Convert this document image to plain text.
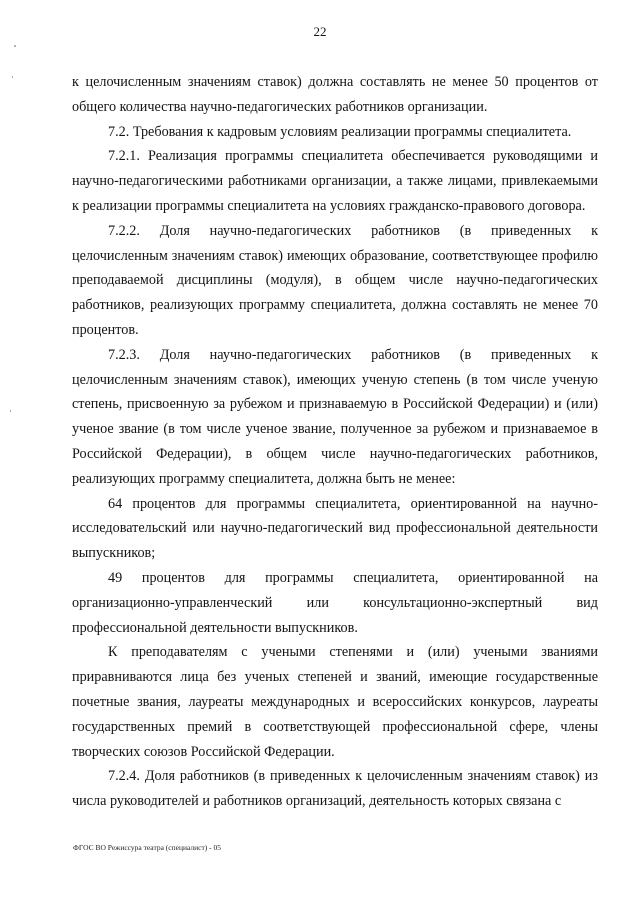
22

к целочисленным значениям ставок) должна составлять не менее 50 процентов от общего количества научно-педагогических работников организации.

7.2. Требования к кадровым условиям реализации программы специалитета.

7.2.1. Реализация программы специалитета обеспечивается руководящими и научно-педагогическими работниками организации, а также лицами, привлекаемыми к реализации программы специалитета на условиях гражданско-правового договора.

7.2.2. Доля научно-педагогических работников (в приведенных к целочисленным значениям ставок) имеющих образование, соответствующее профилю преподаваемой дисциплины (модуля), в общем числе научно-педагогических работников, реализующих программу специалитета, должна составлять не менее 70 процентов.

7.2.3. Доля научно-педагогических работников (в приведенных к целочисленным значениям ставок), имеющих ученую степень (в том числе ученую степень, присвоенную за рубежом и признаваемую в Российской Федерации) и (или) ученое звание (в том числе ученое звание, полученное за рубежом и признаваемое в Российской Федерации), в общем числе научно-педагогических работников, реализующих программу специалитета, должна быть не менее:

64 процентов для программы специалитета, ориентированной на научно-исследовательский или научно-педагогический вид профессиональной деятельности выпускников;

49 процентов для программы специалитета, ориентированной на организационно-управленческий или консультационно-экспертный вид профессиональной деятельности выпускников.

К преподавателям с учеными степенями и (или) учеными званиями приравниваются лица без ученых степеней и званий, имеющие государственные почетные звания, лауреаты международных и всероссийских конкурсов, лауреаты государственных премий в соответствующей профессиональной сфере, члены творческих союзов Российской Федерации.

7.2.4. Доля работников (в приведенных к целочисленным значениям ставок) из числа руководителей и работников организаций, деятельность которых связана с

ФГОС ВО Режиссура театра (специалист) - 05
